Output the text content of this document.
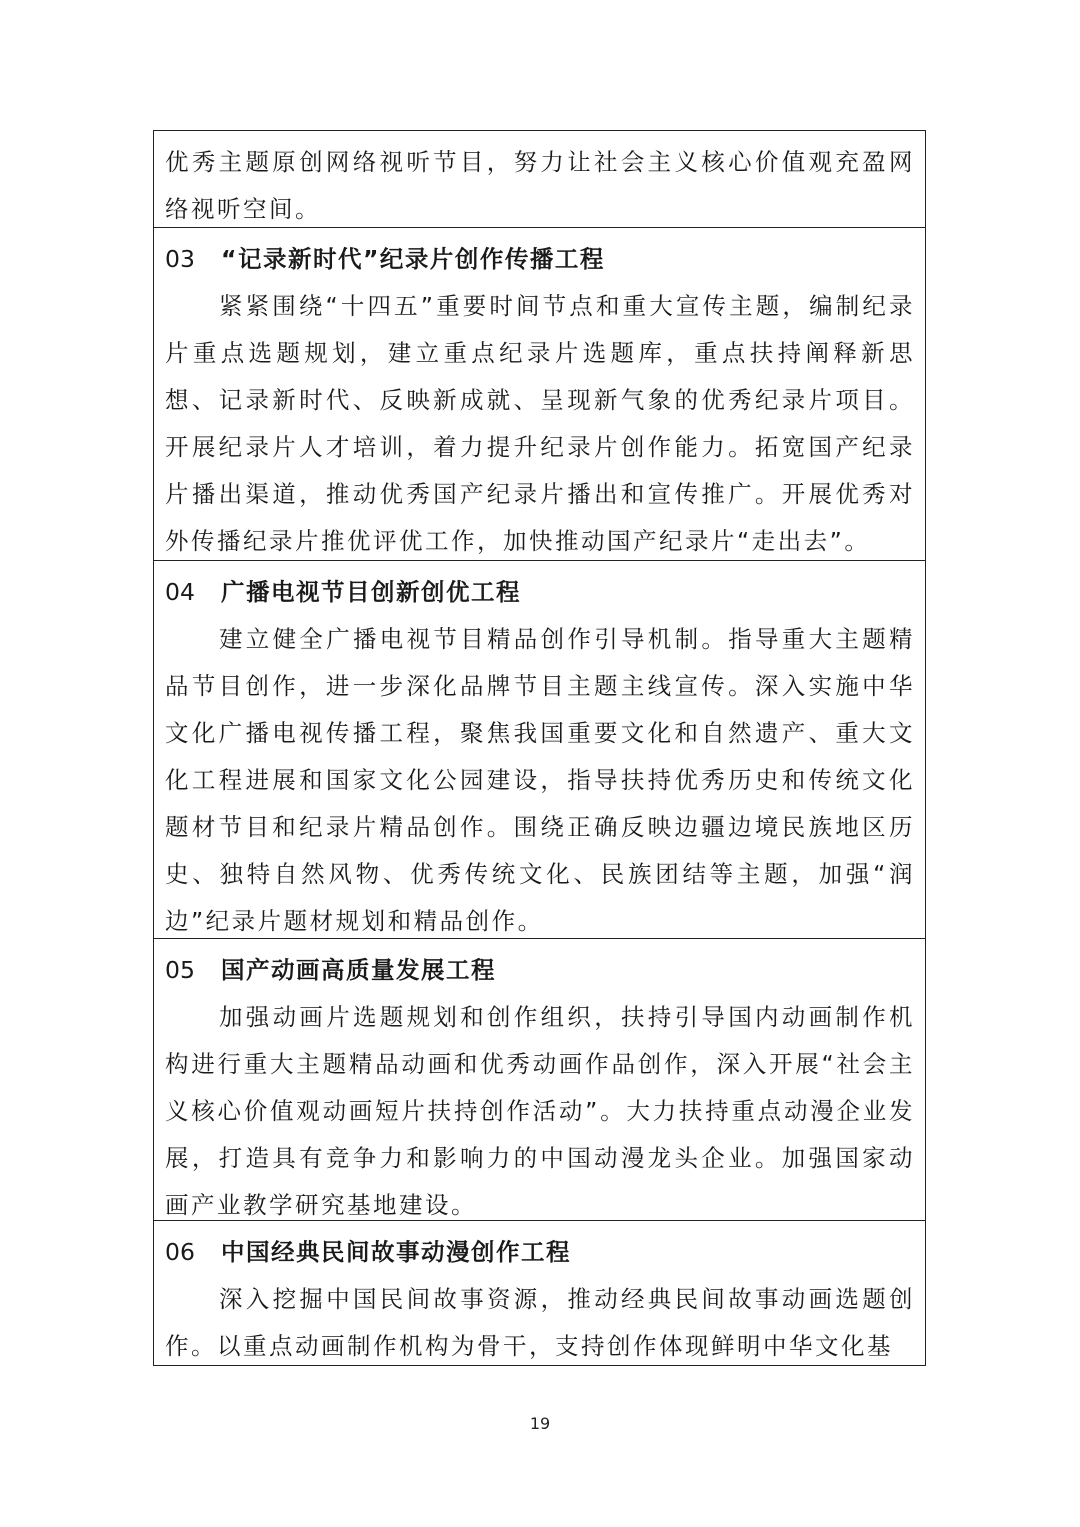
优秀主题原创网络视听节目，努力让社会主义核心价值观充盈网络视听空间。

03 “记录新时代”纪录片创作传播工程

紧紧围绕“十四五”重要时间节点和重大宣传主题，编制纪录片重点选题规划，建立重点纪录片选题库，重点扶持阐释新思想、记录新时代、反映新成就、呈现新气象的优秀纪录片项目。开展纪录片人才培训，着力提升纪录片创作能力。拓宽国产纪录片播出渠道，推动优秀国产纪录片播出和宣传推广。开展优秀对外传播纪录片推优评优工作，加快推动国产纪录片“走出去”。

04 广播电视节目创新创优工程

建立健全广播电视节目精品创作引导机制。指导重大主题精品节目创作，进一步深化品牌节目主题主线宣传。深入实施中华文化广播电视传播工程，聚焦我国重要文化和自然遗产、重大文化工程进展和国家文化公园建设，指导扶持优秀历史和传统文化题材节目和纪录片精品创作。围绕正确反映边疆边境民族地区历史、独特自然风物、优秀传统文化、民族团结等主题，加强“润边”纪录片题材规划和精品创作。

05 国产动画高质量发展工程

加强动画片选题规划和创作组织，扶持引导国内动画制作机构进行重大主题精品动画和优秀动画作品创作，深入开展“社会主义核心价值观动画短片扶持创作活动”。大力扶持重点动漫企业发展，打造具有竞争力和影响力的中国动漫龙头企业。加强国家动画产业教学研究基地建设。

06 中国经典民间故事动漫创作工程

深入挖掘中国民间故事资源，推动经典民间故事动画选题创作。以重点动画制作机构为骨干，支持创作体现鲜明中华文化基

19
